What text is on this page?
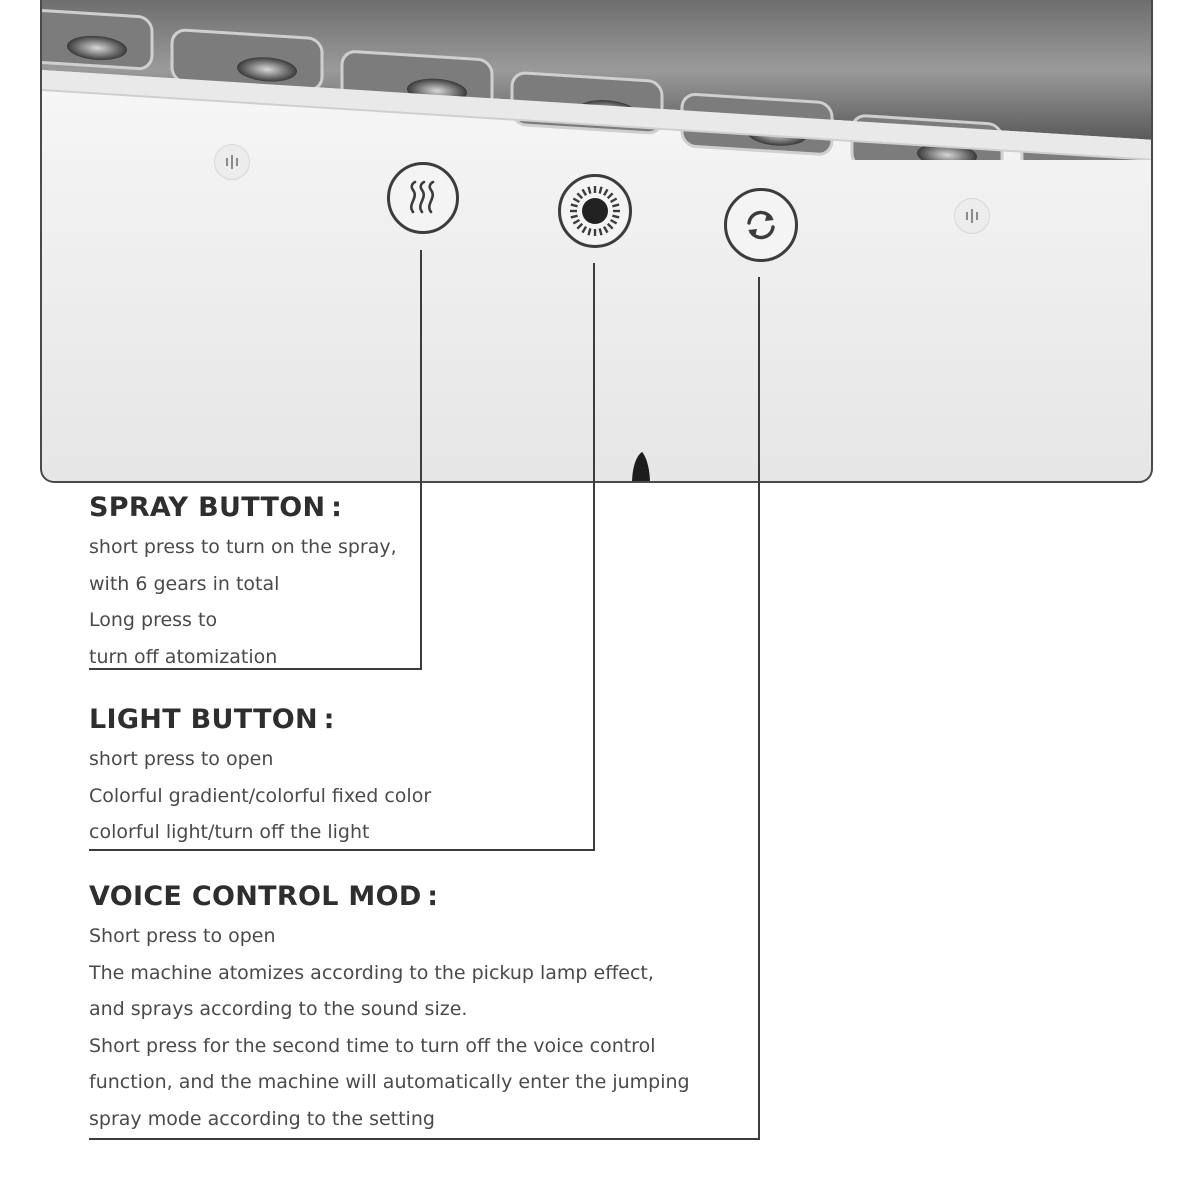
SPRAY BUTTON :

short press to turn on the spray,

with 6 gears in total

Long press to

turn off atomization

LIGHT BUTTON :

short press to open

Colorful gradient/colorful fixed color

colorful light/turn off the light

VOICE CONTROL MOD :

Short press to open

The machine atomizes according to the pickup lamp effect,

and sprays according to the sound size.

Short press for the second time to turn off the voice control

function, and the machine will automatically enter the jumping

spray mode according to the setting
